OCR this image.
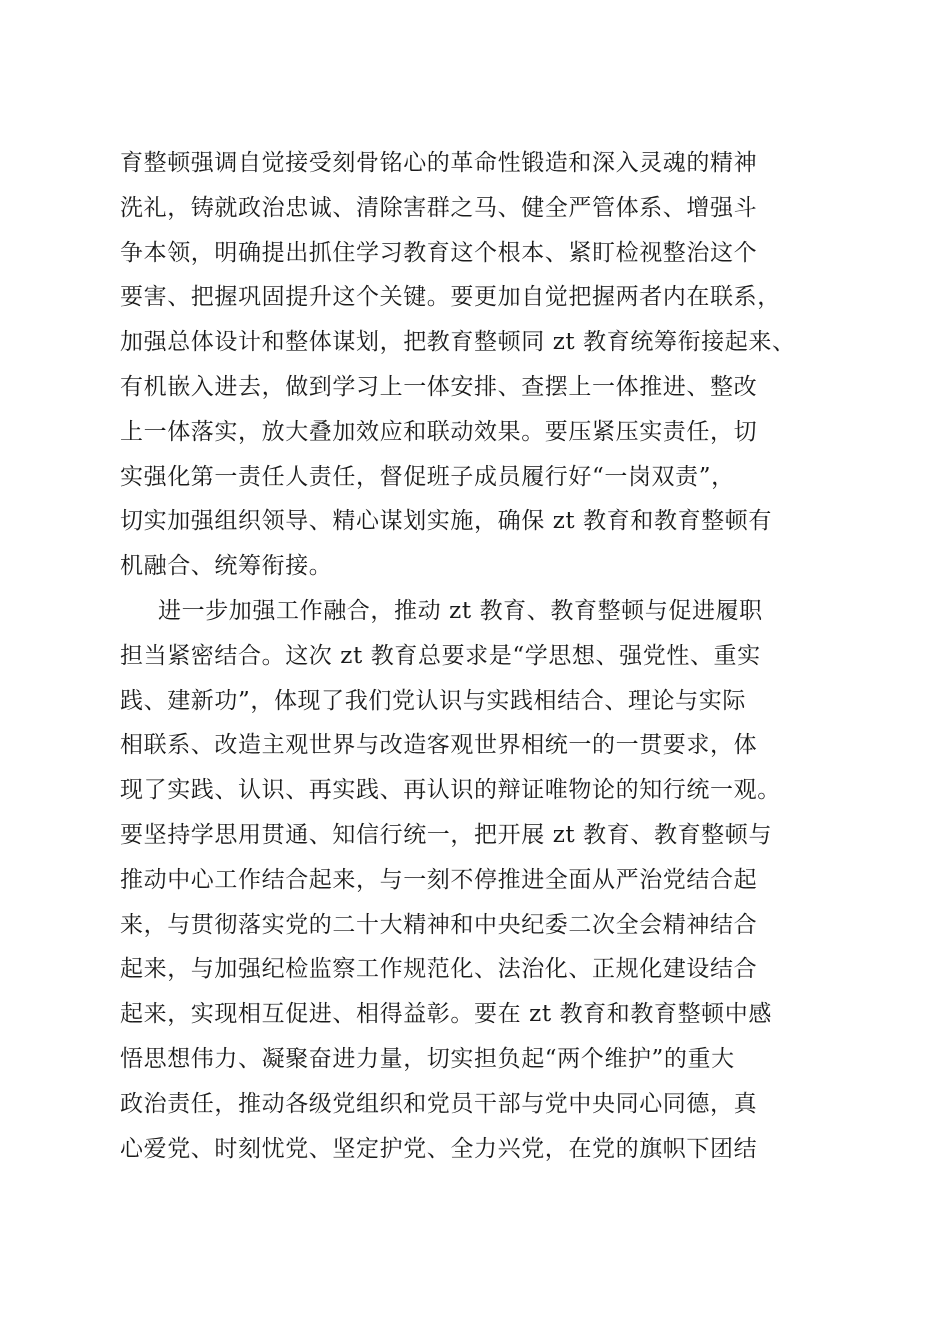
育整顿强调自觉接受刻骨铭心的革命性锻造和深入灵魂的精神
洗礼，铸就政治忠诚、清除害群之马、健全严管体系、增强斗
争本领，明确提出抓住学习教育这个根本、紧盯检视整治这个
要害、把握巩固提升这个关键。要更加自觉把握两者内在联系，
加强总体设计和整体谋划，把教育整顿同 zt 教育统筹衔接起来、
有机嵌入进去，做到学习上一体安排、查摆上一体推进、整改
上一体落实，放大叠加效应和联动效果。要压紧压实责任，切
实强化第一责任人责任，督促班子成员履行好“一岗双责”，
切实加强组织领导、精心谋划实施，确保 zt 教育和教育整顿有
机融合、统筹衔接。
进一步加强工作融合，推动 zt 教育、教育整顿与促进履职
担当紧密结合。这次 zt 教育总要求是“学思想、强党性、重实
践、建新功”，体现了我们党认识与实践相结合、理论与实际
相联系、改造主观世界与改造客观世界相统一的一贯要求，体
现了实践、认识、再实践、再认识的辩证唯物论的知行统一观。
要坚持学思用贯通、知信行统一，把开展 zt 教育、教育整顿与
推动中心工作结合起来，与一刻不停推进全面从严治党结合起
来，与贯彻落实党的二十大精神和中央纪委二次全会精神结合
起来，与加强纪检监察工作规范化、法治化、正规化建设结合
起来，实现相互促进、相得益彰。要在 zt 教育和教育整顿中感
悟思想伟力、凝聚奋进力量，切实担负起“两个维护”的重大
政治责任，推动各级党组织和党员干部与党中央同心同德，真
心爱党、时刻忧党、坚定护党、全力兴党，在党的旗帜下团结
